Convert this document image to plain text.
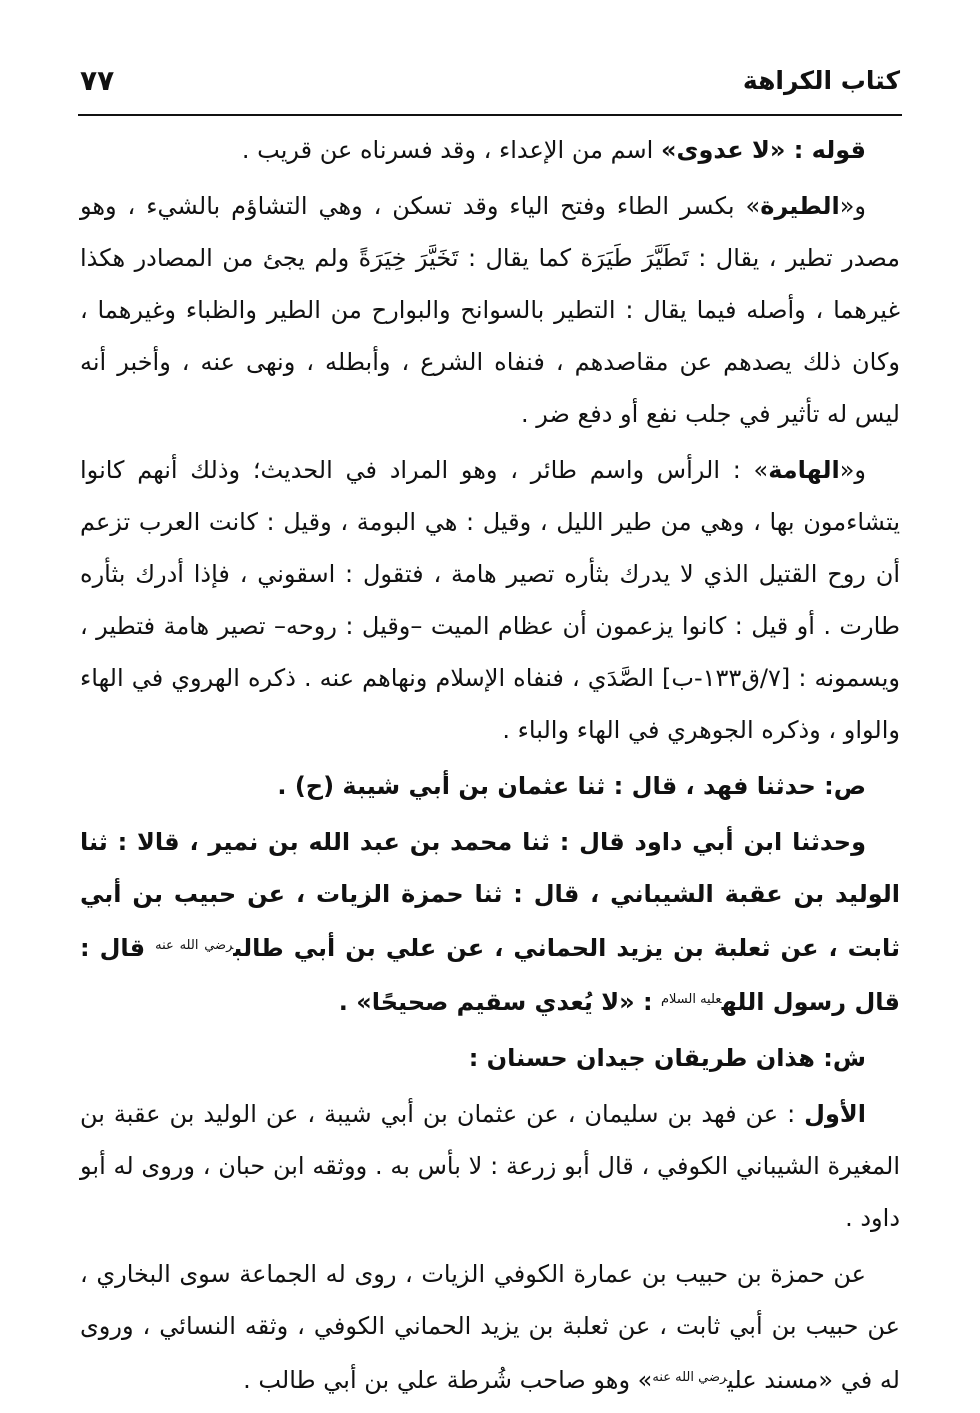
كتاب الكراهة
٧٧

قوله : «لا عدوى» اسم من الإعداء ، وقد فسرناه عن قريب .

و«الطيرة» بكسر الطاء وفتح الياء وقد تسكن ، وهي التشاؤم بالشيء ، وهو مصدر تطير ، يقال : تَطَيَّرَ طَيَرَة كما يقال : تَخَيَّرَ خِيَرَةً ولم يجئ من المصادر هكذا غيرهما ، وأصله فيما يقال : التطير بالسوانح والبوارح من الطير والظباء وغيرهما ، وكان ذلك يصدهم عن مقاصدهم ، فنفاه الشرع ، وأبطله ، ونهى عنه ، وأخبر أنه ليس له تأثير في جلب نفع أو دفع ضر .

و«الهامة» : الرأس واسم طائر ، وهو المراد في الحديث؛ وذلك أنهم كانوا يتشاءمون بها ، وهي من طير الليل ، وقيل : هي البومة ، وقيل : كانت العرب تزعم أن روح القتيل الذي لا يدرك بثأره تصير هامة ، فتقول : اسقوني ، فإذا أدرك بثأره طارت . أو قيل : كانوا يزعمون أن عظام الميت –وقيل : روحه– تصير هامة فتطير ، ويسمونه : [٧/ق١٣٣-ب] الصَّدَي ، فنفاه الإسلام ونهاهم عنه . ذكره الهروي في الهاء والواو ، وذكره الجوهري في الهاء والباء .

ص: حدثنا فهد ، قال : ثنا عثمان بن أبي شيبة (ح) .

وحدثنا ابن أبي داود قال : ثنا محمد بن عبد الله بن نمير ، قالا : ثنا الوليد بن عقبة الشيباني ، قال : ثنا حمزة الزيات ، عن حبيب بن أبي ثابت ، عن ثعلبة بن يزيد الحماني ، عن علي بن أبي طالب$^{رضي الله عنه}$ قال : قال رسول الله$^{عليه السلام}$ : «لا يُعدي سقيم صحيحًا» .

ش: هذان طريقان جيدان حسنان :

الأول : عن فهد بن سليمان ، عن عثمان بن أبي شيبة ، عن الوليد بن عقبة بن المغيرة الشيباني الكوفي ، قال أبو زرعة : لا بأس به . ووثقه ابن حبان ، وروى له أبو داود .

عن حمزة بن حبيب بن عمارة الكوفي الزيات ، روى له الجماعة سوى البخاري ، عن حبيب بن أبي ثابت ، عن ثعلبة بن يزيد الحماني الكوفي ، وثقه النسائي ، وروى له في «مسند علي$^{رضي الله عنه}$» وهو صاحب شُرطة علي بن أبي طالب .
